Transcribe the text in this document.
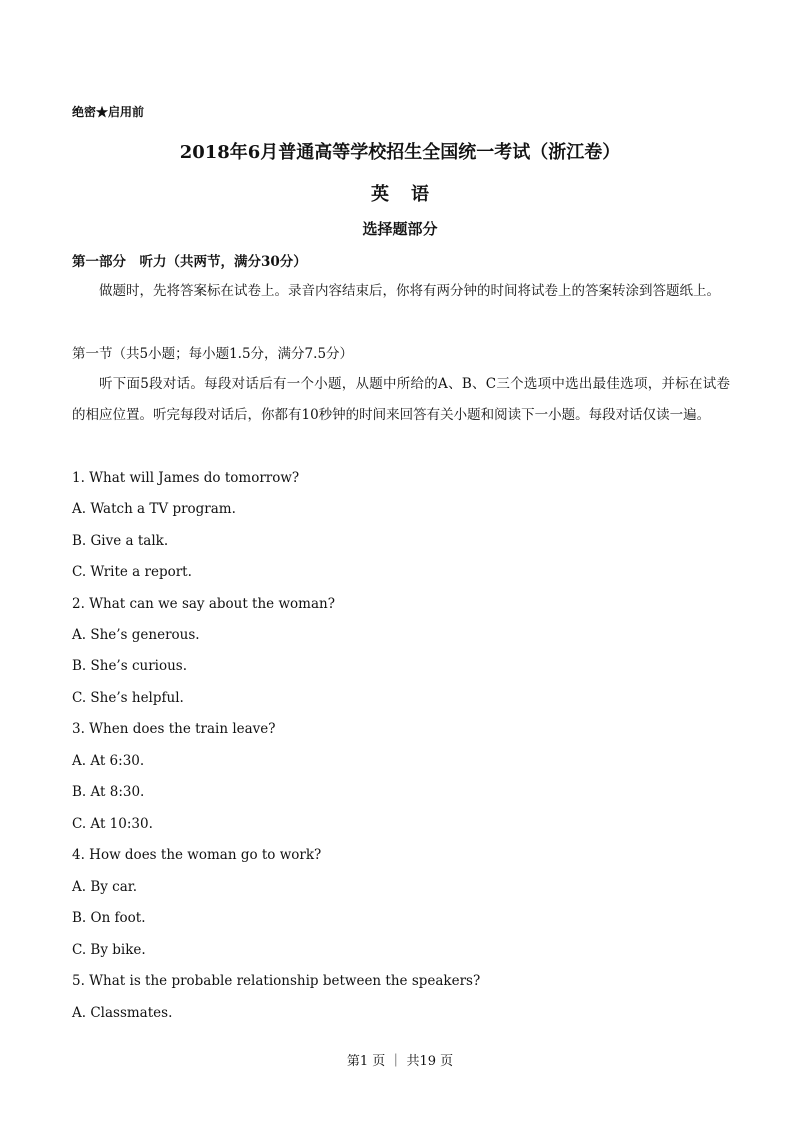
绝密★启用前
2018年6月普通高等学校招生全国统一考试（浙江卷）
英语
选择题部分
第一部分　听力（共两节，满分30分）
做题时，先将答案标在试卷上。录音内容结束后，你将有两分钟的时间将试卷上的答案转涂到答题纸上。
第一节（共5小题；每小题1.5分，满分7.5分）
听下面5段对话。每段对话后有一个小题，从题中所给的A、B、C三个选项中选出最佳选项，并标在试卷的相应位置。听完每段对话后，你都有10秒钟的时间来回答有关小题和阅读下一小题。每段对话仅读一遍。
1. What will James do tomorrow?
A. Watch a TV program.
B. Give a talk.
C. Write a report.
2. What can we say about the woman?
A. She’s generous.
B. She’s curious.
C. She’s helpful.
3. When does the train leave?
A. At 6:30.
B. At 8:30.
C. At 10:30.
4. How does the woman go to work?
A. By car.
B. On foot.
C. By bike.
5. What is the probable relationship between the speakers?
A. Classmates.
第1 页 ｜ 共19 页
